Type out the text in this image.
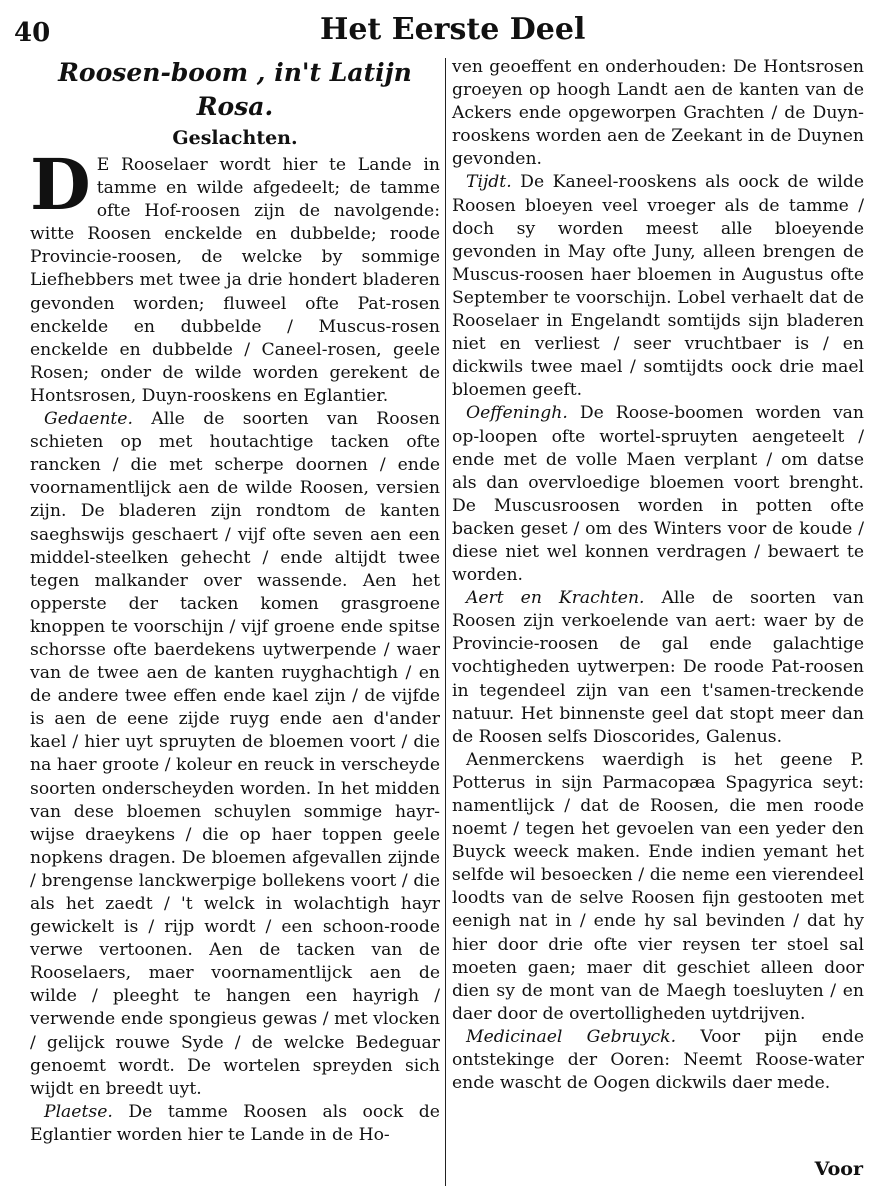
40	Het Eerste Deel
Roosen-boom , in't Latijn Rosa.
Geslachten.

D E Rooselaer wordt hier te Lande in tamme en wilde afgedeelt; de tamme ofte Hof-roosen zijn de navolgende: witte Roosen enckelde en dubbelde; roode Provincie-roosen, de welcke by sommige Liefhebbers met twee ja drie hondert bladeren gevonden worden; fluweel ofte Pat-rosen enckelde en dubbelde / Muscus-rosen enckelde en dubbelde / Caneel-rosen, geele Rosen; onder de wilde worden gerekent de Hontsrosen, Duyn-rooskens en Eglantier.

Gedaente. Alle de soorten van Roosen schieten op met houtachtige tacken ofte rancken / die met scherpe doornen / ende voornamentlijck aen de wilde Roosen, versien zijn. De bladeren zijn rondtom de kanten saeghswijs geschaert / vijf ofte seven aen een middel-steelken gehecht / ende altijdt twee tegen malkander over wassende. Aen het opperste der tacken komen grasgroene knoppen te voorschijn / vijf groene ende spitse schorsse ofte baerdekens uytwerpende / waer van de twee aen de kanten ruyghachtigh / en de andere twee effen ende kael zijn / de vijfde is aen de eene zijde ruyg ende aen d'ander kael / hier uyt spruyten de bloemen voort / die na haer groote / koleur en reuck in verscheyde soorten onderscheyden worden. In het midden van dese bloemen schuylen sommige hayr-wijse draeykens / die op haer toppen geele nopkens dragen. De bloemen afgevallen zijnde / brengense lanckwerpige bollekens voort / die als het zaedt / 't welck in wolachtigh hayr gewickelt is / rijp wordt / een schoon-roode verwe vertoonen. Aen de tacken van de Rooselaers, maer voornamentlijck aen de wilde / pleeght te hangen een hayrigh / verwende ende spongieus gewas / met vlocken / gelijck rouwe Syde / de welcke Bedeguar genoemt wordt. De wortelen spreyden sich wijdt en breedt uyt.

Plaetse. De tamme Roosen als oock de Eglantier worden hier te Lande in de Ho-

ven geoeffent en onderhouden: De Hontsrosen groeyen op hoogh Landt aen de kanten van de Ackers ende opgeworpen Grachten / de Duyn-rooskens worden aen de Zeekant in de Duynen gevonden.

Tijdt. De Kaneel-rooskens als oock de wilde Roosen bloeyen veel vroeger als de tamme / doch sy worden meest alle bloeyende gevonden in May ofte Juny, alleen brengen de Muscus-roosen haer bloemen in Augustus ofte September te voorschijn. Lobel verhaelt dat de Rooselaer in Engelandt somtijds sijn bladeren niet en verliest / seer vruchtbaer is / en dickwils twee mael / somtijdts oock drie mael bloemen geeft.

Oeffeningh. De Roose-boomen worden van op-loopen ofte wortel-spruyten aengeteelt / ende met de volle Maen verplant / om datse als dan overvloedige bloemen voort brenght. De Muscusroosen worden in potten ofte backen geset / om des Winters voor de koude / diese niet wel konnen verdragen / bewaert te worden.

Aert en Krachten. Alle de soorten van Roosen zijn verkoelende van aert: waer by de Provincie-roosen de gal ende galachtige vochtigheden uytwerpen: De roode Pat-roosen in tegendeel zijn van een t'samen-treckende natuur. Het binnenste geel dat stopt meer dan de Roosen selfs Dioscorides, Galenus.

Aenmerckens waerdigh is het geene P. Potterus in sijn Parmacopæa Spagyrica seyt: namentlijck / dat de Roosen, die men roode noemt / tegen het gevoelen van een yeder den Buyck weeck maken. Ende indien yemant het selfde wil besoecken / die neme een vierendeel loodts van de selve Roosen fijn gestooten met eenigh nat in / ende hy sal bevinden / dat hy hier door drie ofte vier reysen ter stoel sal moeten gaen; maer dit geschiet alleen door dien sy de mont van de Maegh toesluyten / en daer door de overtolligheden uytdrijven.

Medicinael Gebruyck. Voor pijn ende ontstekinge der Ooren: Neemt Roose-water ende wascht de Oogen dickwils daer mede.

Voor
